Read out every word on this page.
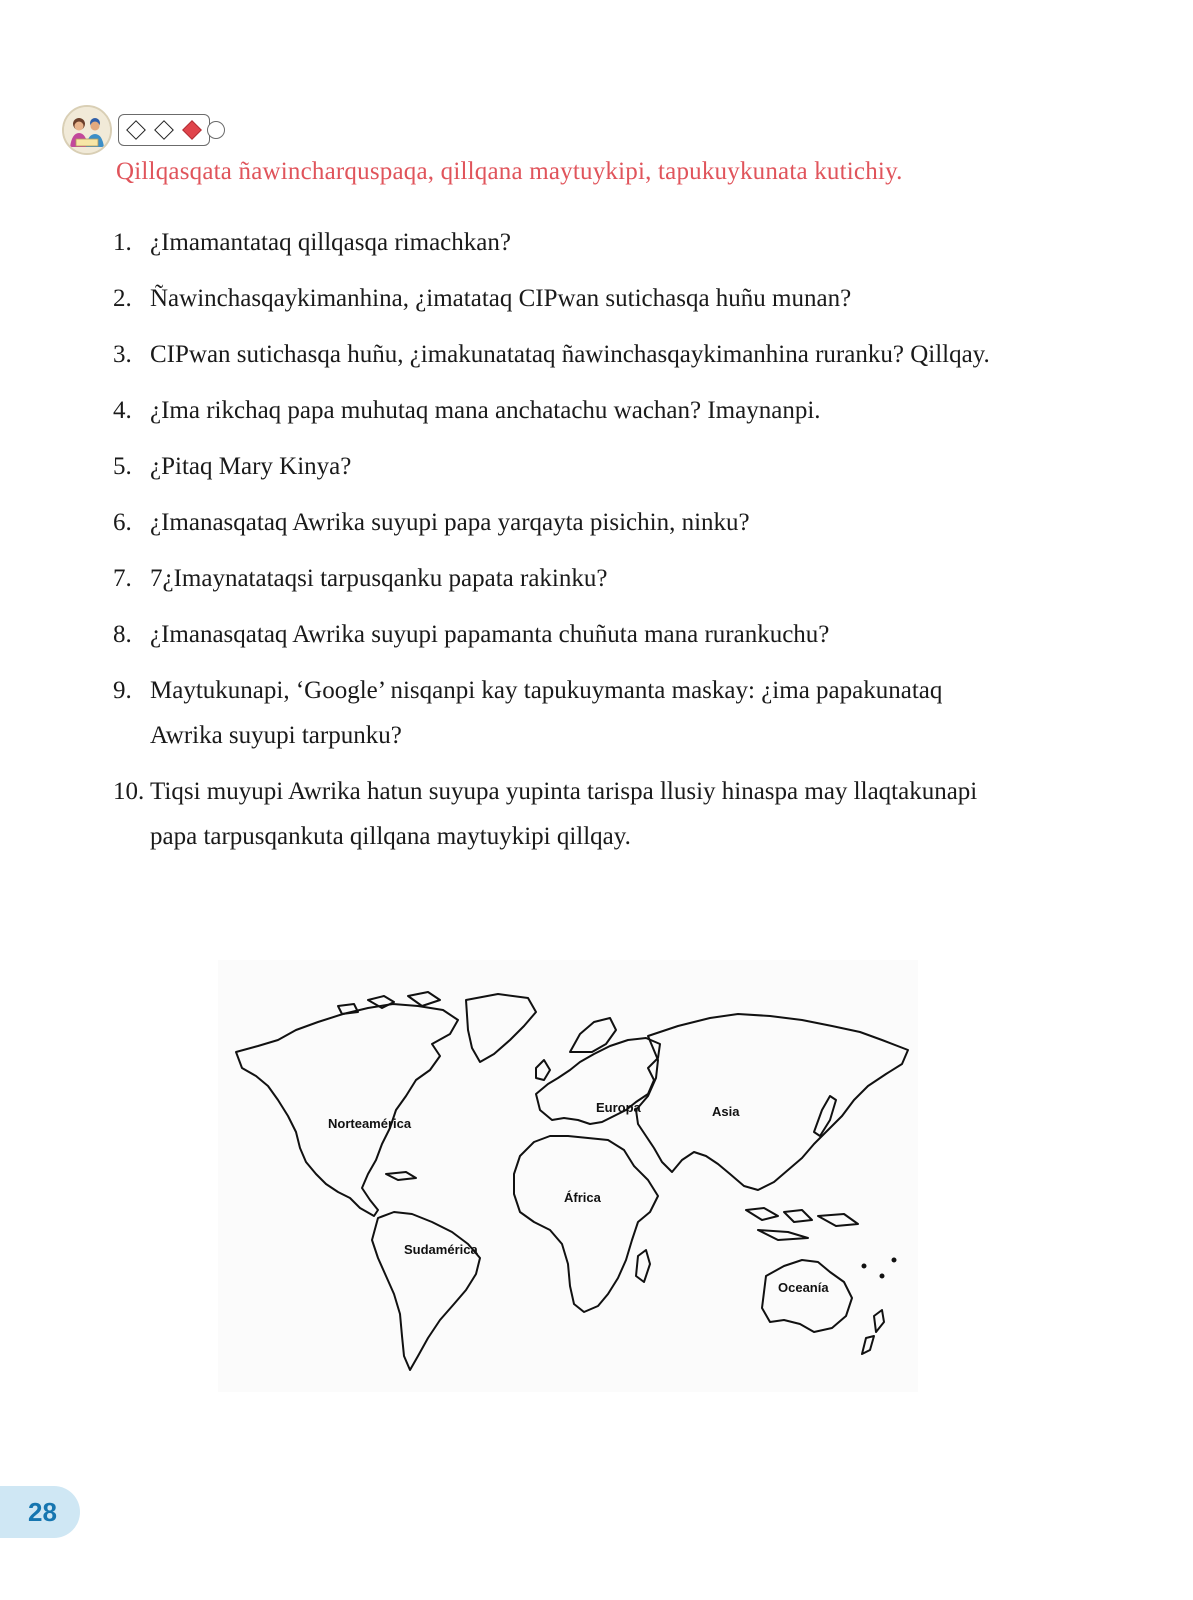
Qillqasqata ñawincharquspaqa, qillqana maytuykipi, tapukuykunata kutichiy.
1. ¿Imamantataq qillqasqa rimachkan?
2. Ñawinchasqaykimanhina, ¿imatataq CIPwan sutichasqa huñu munan?
3. CIPwan sutichasqa huñu, ¿imakunatataq ñawinchasqaykimanhina ruranku? Qillqay.
4. ¿Ima rikchaq papa muhutaq mana anchatachu wachan? Imaynanpi.
5. ¿Pitaq Mary Kinya?
6. ¿Imanasqataq Awrika suyupi papa yarqayta pisichin, ninku?
7. 7¿Imaynatataqsi tarpusqanku papata rakinku?
8. ¿Imanasqataq Awrika suyupi papamanta chuñuta mana rurankuchu?
9. Maytukunapi, ‘Google’ nisqanpi kay tapukuymanta maskay: ¿ima papakunataq Awrika suyupi tarpunku?
10. Tiqsi muyupi Awrika hatun suyupa yupinta tarispa llusiy hinaspa may llaqtakunapi papa tarpusqankuta qillqana maytuykipi qillqay.
Norteamérica
Sudamérica
Europa
África
Asia
Oceanía
28
